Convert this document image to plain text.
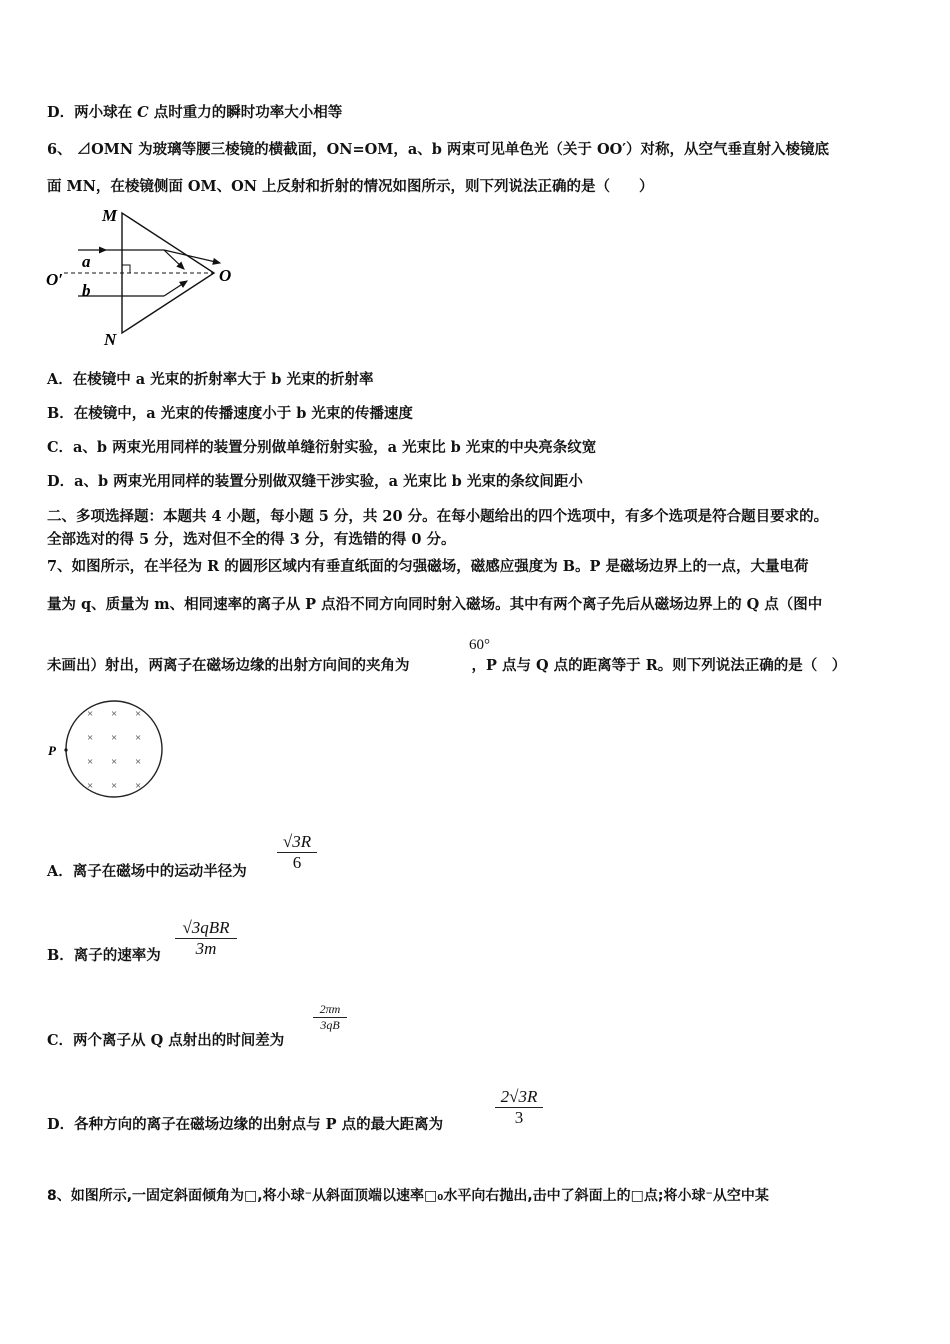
D．两小球在 C 点时重力的瞬时功率大小相等
6、 ⊿OMN 为玻璃等腰三棱镜的横截面，ON=OM，a、b 两束可见单色光（关于 OO′）对称，从空气垂直射入棱镜底
面 MN，在棱镜侧面 OM、ON 上反射和折射的情况如图所示，则下列说法正确的是（　　）
M
N
O
O′
a
b
A．在棱镜中 a 光束的折射率大于 b 光束的折射率
B．在棱镜中，a 光束的传播速度小于 b 光束的传播速度
C．a、b 两束光用同样的装置分别做单缝衍射实验，a 光束比 b 光束的中央亮条纹宽
D．a、b 两束光用同样的装置分别做双缝干涉实验，a 光束比 b 光束的条纹间距小
二、多项选择题：本题共 4 小题，每小题 5 分，共 20 分。在每小题给出的四个选项中，有多个选项是符合题目要求的。
全部选对的得 5 分，选对但不全的得 3 分，有选错的得 0 分。
7、如图所示，在半径为 R 的圆形区域内有垂直纸面的匀强磁场，磁感应强度为 B。P 是磁场边界上的一点，大量电荷
量为 q、质量为 m、相同速率的离子从 P 点沿不同方向同时射入磁场。其中有两个离子先后从磁场边界上的 Q 点（图中
未画出）射出，两离子在磁场边缘的出射方向间的夹角为	，P 点与 Q 点的距离等于 R。则下列说法正确的是（　）
60°
× × ×
× × ×
× × ×
× × ×
P
A．离子在磁场中的运动半径为
√3R
6
B．离子的速率为
√3qBR
3m
C．两个离子从 Q 点射出的时间差为
2πm
3qB
D．各种方向的离子在磁场边缘的出射点与 P 点的最大距离为
2√3R
3
8、如图所示,一固定斜面倾角为□,将小球⁻从斜面顶端以速率□₀水平向右抛出,击中了斜面上的□点;将小球⁻从空中某
